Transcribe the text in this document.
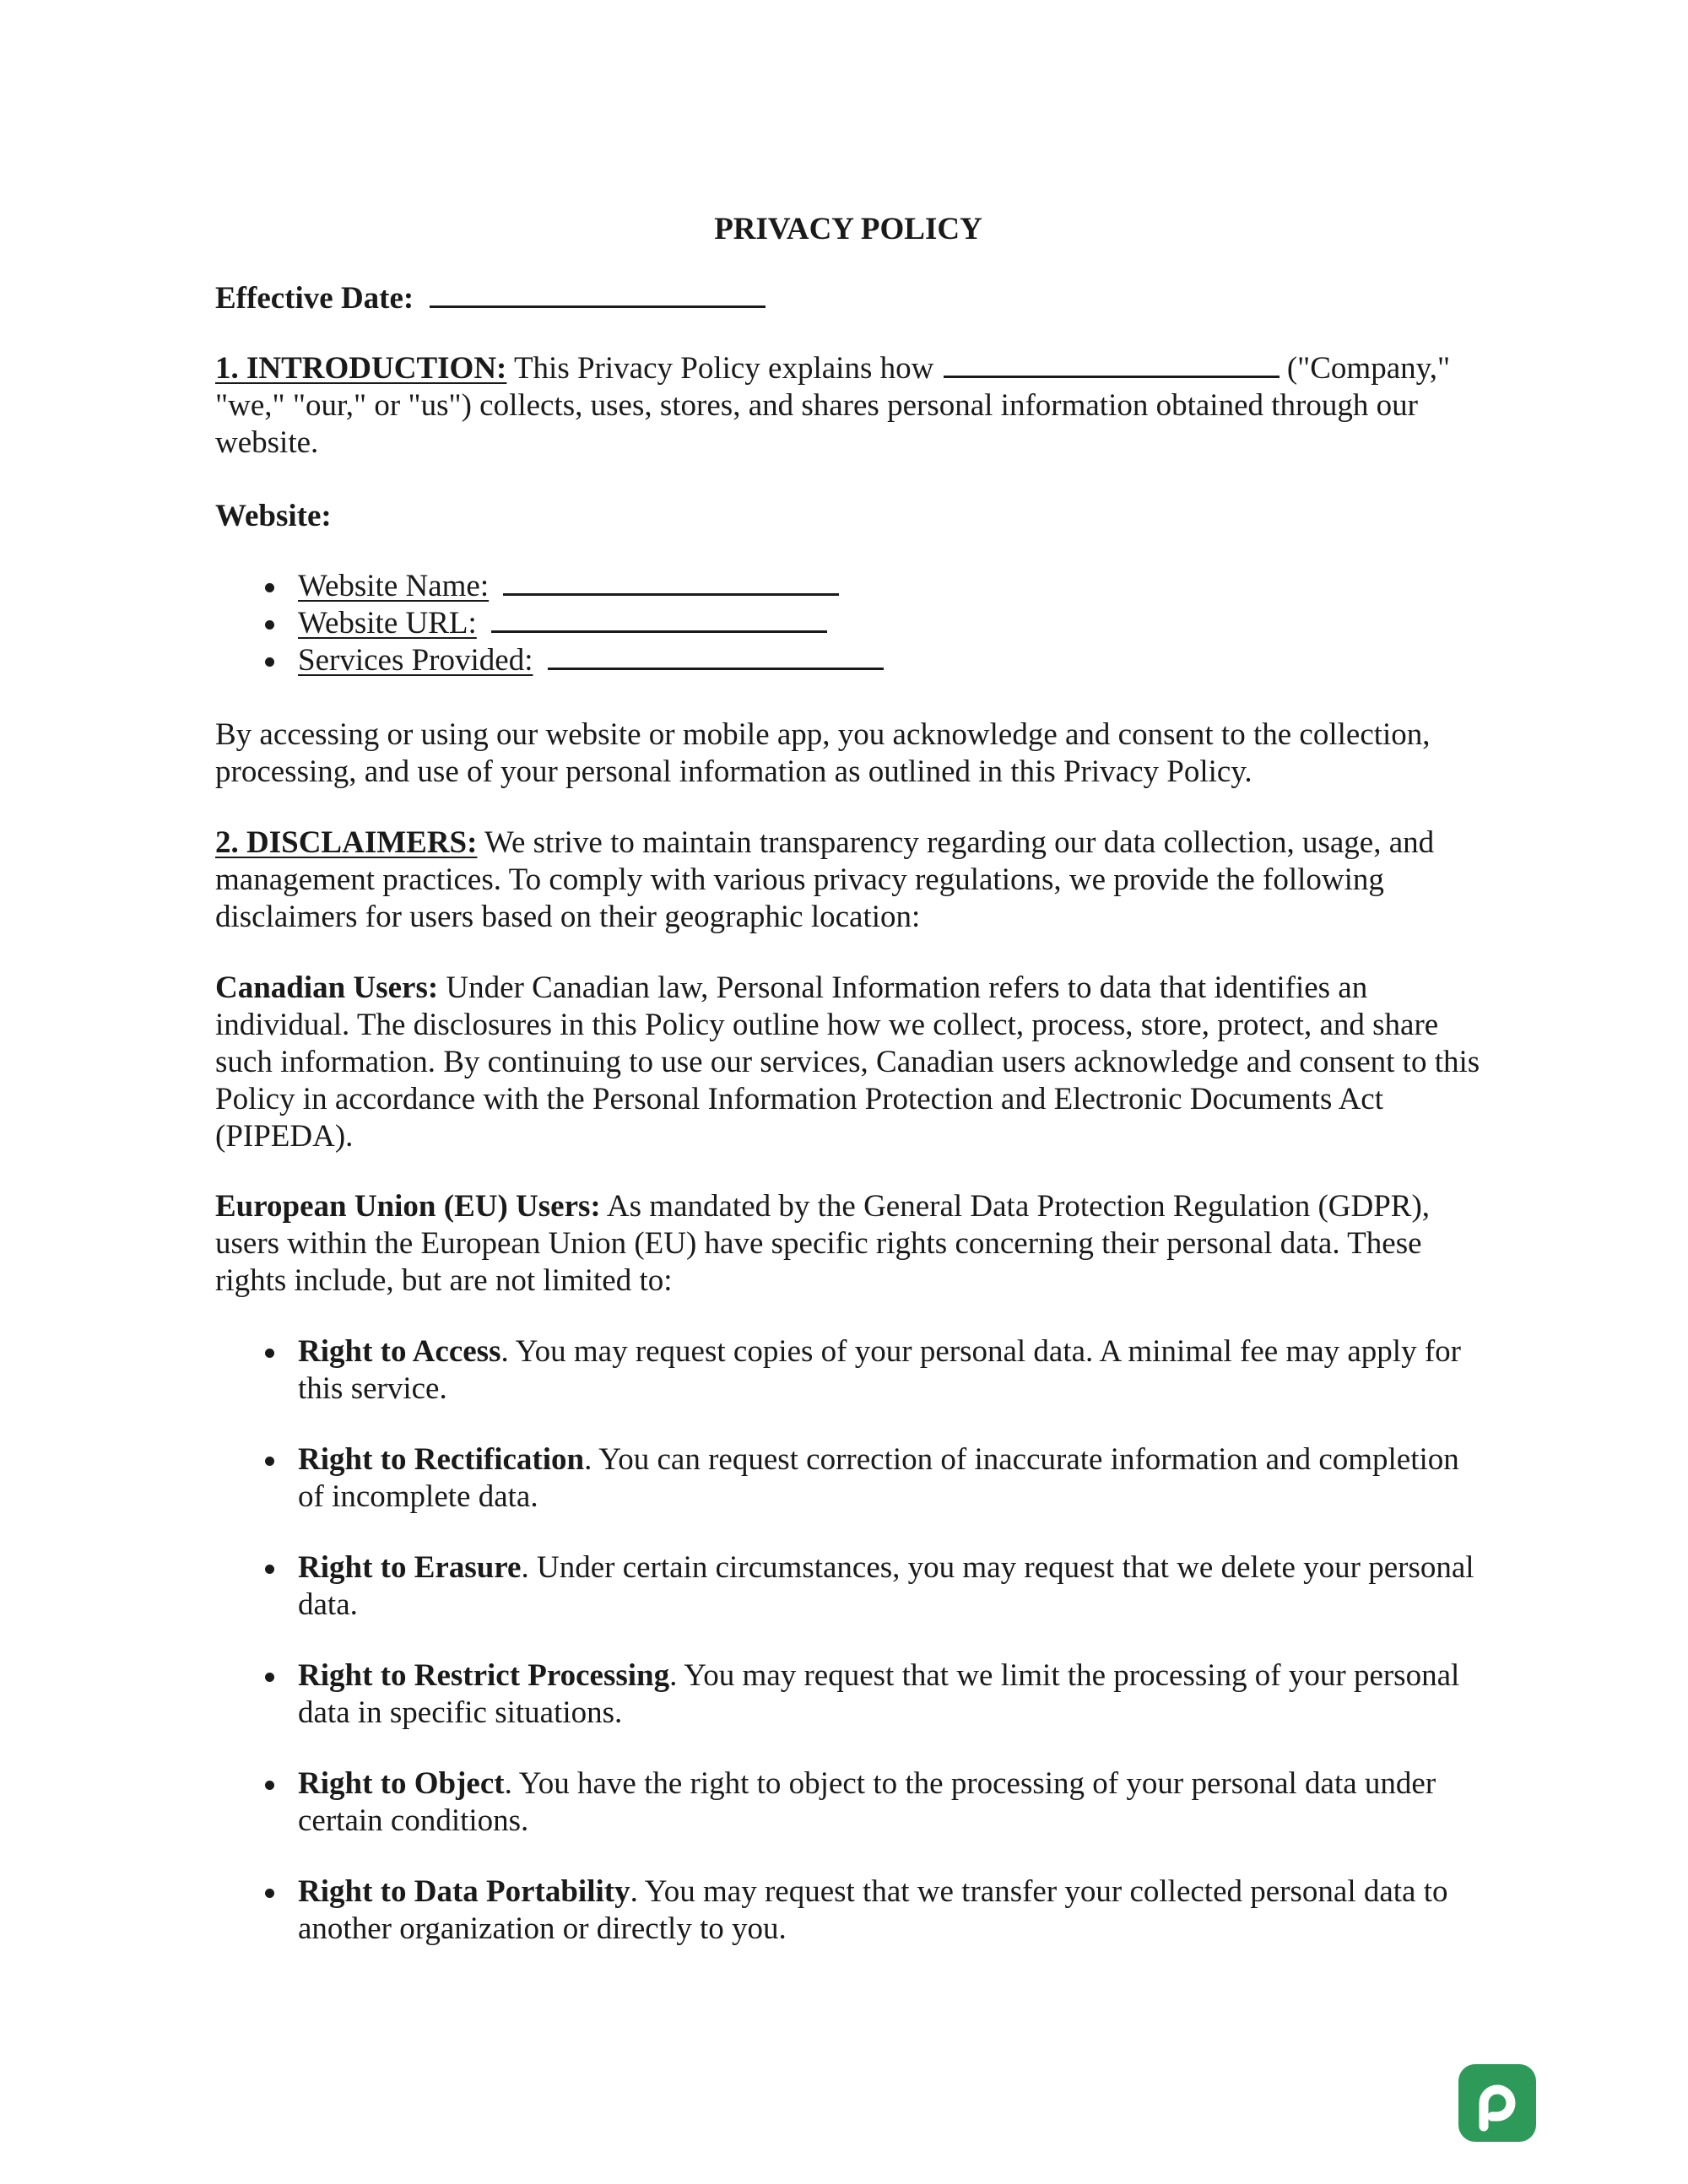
PRIVACY POLICY
Effective Date:
1. INTRODUCTION: This Privacy Policy explains how	("Company," "we," "our," or "us") collects, uses, stores, and shares personal information obtained through our website.
Website:
Website Name:
Website URL:
Services Provided:
By accessing or using our website or mobile app, you acknowledge and consent to the collection, processing, and use of your personal information as outlined in this Privacy Policy.
2. DISCLAIMERS: We strive to maintain transparency regarding our data collection, usage, and management practices. To comply with various privacy regulations, we provide the following disclaimers for users based on their geographic location:
Canadian Users: Under Canadian law, Personal Information refers to data that identifies an individual. The disclosures in this Policy outline how we collect, process, store, protect, and share such information. By continuing to use our services, Canadian users acknowledge and consent to this Policy in accordance with the Personal Information Protection and Electronic Documents Act (PIPEDA).
European Union (EU) Users: As mandated by the General Data Protection Regulation (GDPR), users within the European Union (EU) have specific rights concerning their personal data. These rights include, but are not limited to:
Right to Access. You may request copies of your personal data. A minimal fee may apply for this service.
Right to Rectification. You can request correction of inaccurate information and completion of incomplete data.
Right to Erasure. Under certain circumstances, you may request that we delete your personal data.
Right to Restrict Processing. You may request that we limit the processing of your personal data in specific situations.
Right to Object. You have the right to object to the processing of your personal data under certain conditions.
Right to Data Portability. You may request that we transfer your collected personal data to another organization or directly to you.
